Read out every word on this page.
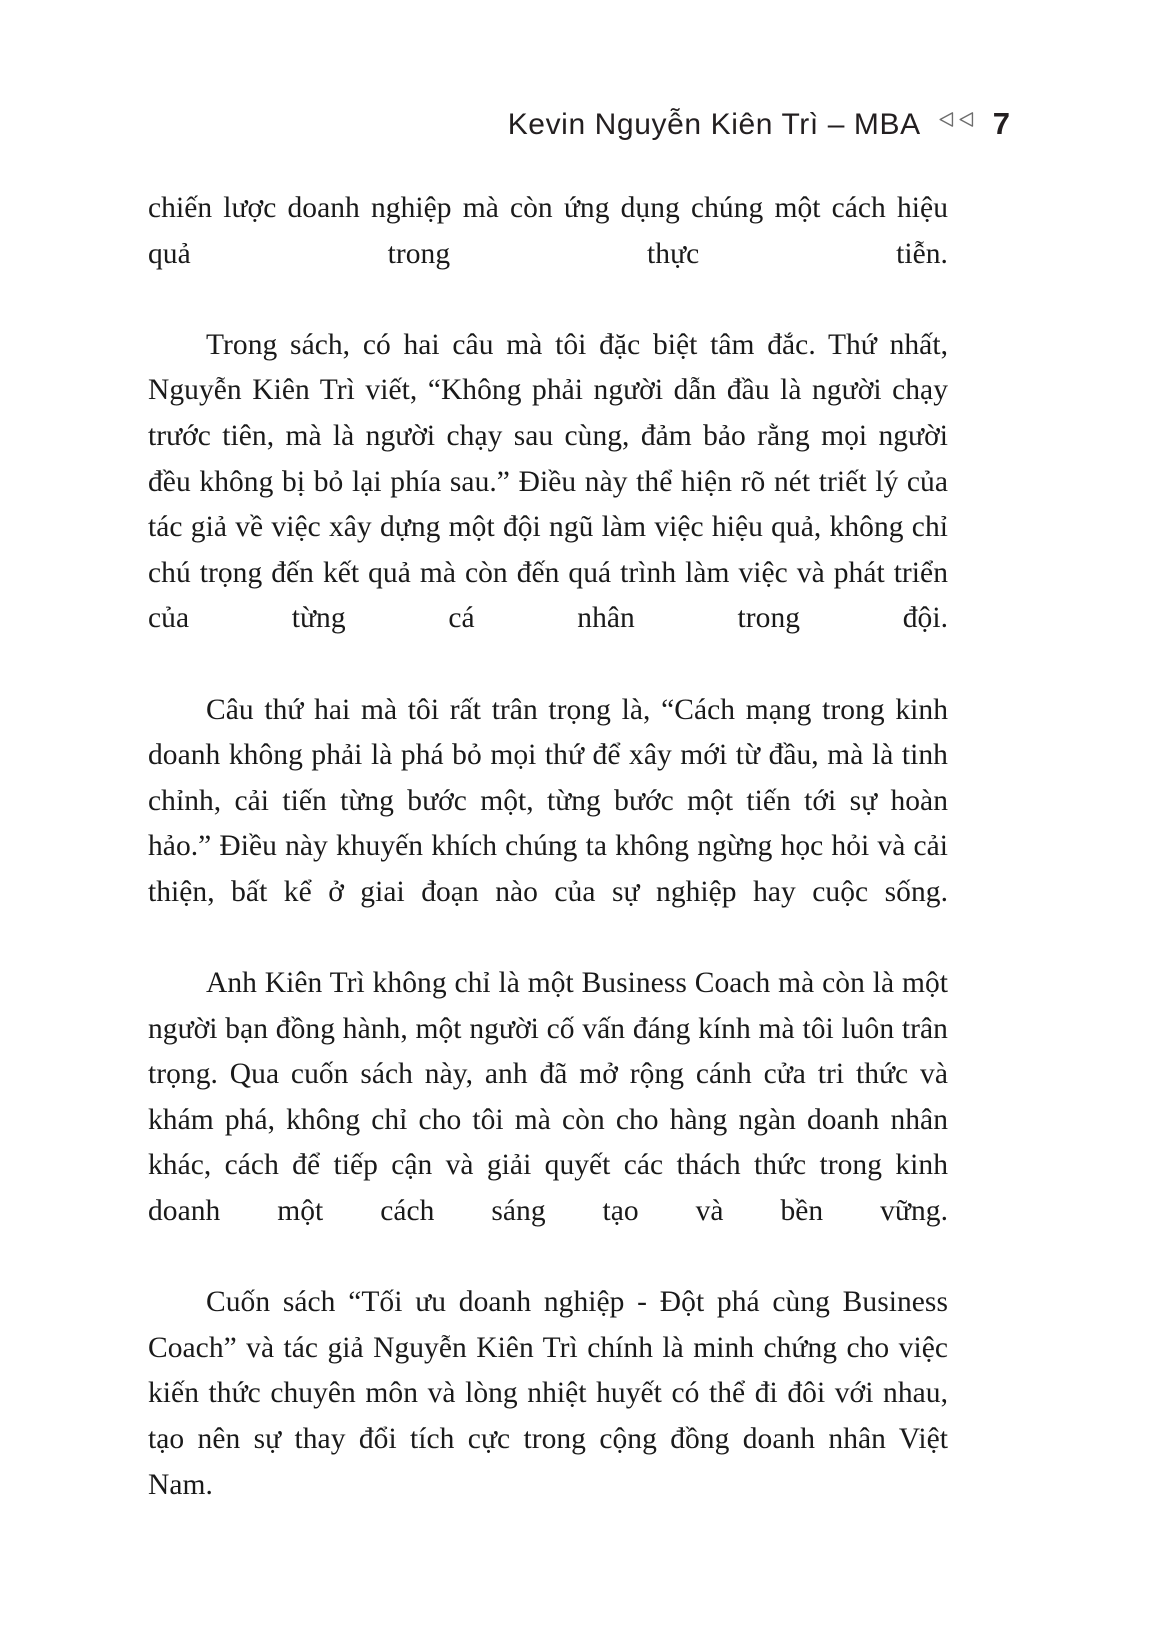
Kevin Nguyễn Kiên Trì – MBA 7

chiến lược doanh nghiệp mà còn ứng dụng chúng một cách hiệu quả trong thực tiễn.

Trong sách, có hai câu mà tôi đặc biệt tâm đắc. Thứ nhất, Nguyễn Kiên Trì viết, “Không phải người dẫn đầu là người chạy trước tiên, mà là người chạy sau cùng, đảm bảo rằng mọi người đều không bị bỏ lại phía sau.” Điều này thể hiện rõ nét triết lý của tác giả về việc xây dựng một đội ngũ làm việc hiệu quả, không chỉ chú trọng đến kết quả mà còn đến quá trình làm việc và phát triển của từng cá nhân trong đội.

Câu thứ hai mà tôi rất trân trọng là, “Cách mạng trong kinh doanh không phải là phá bỏ mọi thứ để xây mới từ đầu, mà là tinh chỉnh, cải tiến từng bước một, từng bước một tiến tới sự hoàn hảo.” Điều này khuyến khích chúng ta không ngừng học hỏi và cải thiện, bất kể ở giai đoạn nào của sự nghiệp hay cuộc sống.

Anh Kiên Trì không chỉ là một Business Coach mà còn là một người bạn đồng hành, một người cố vấn đáng kính mà tôi luôn trân trọng. Qua cuốn sách này, anh đã mở rộng cánh cửa tri thức và khám phá, không chỉ cho tôi mà còn cho hàng ngàn doanh nhân khác, cách để tiếp cận và giải quyết các thách thức trong kinh doanh một cách sáng tạo và bền vững.

Cuốn sách “Tối ưu doanh nghiệp - Đột phá cùng Business Coach” và tác giả Nguyễn Kiên Trì chính là minh chứng cho việc kiến thức chuyên môn và lòng nhiệt huyết có thể đi đôi với nhau, tạo nên sự thay đổi tích cực trong cộng đồng doanh nhân Việt Nam.
